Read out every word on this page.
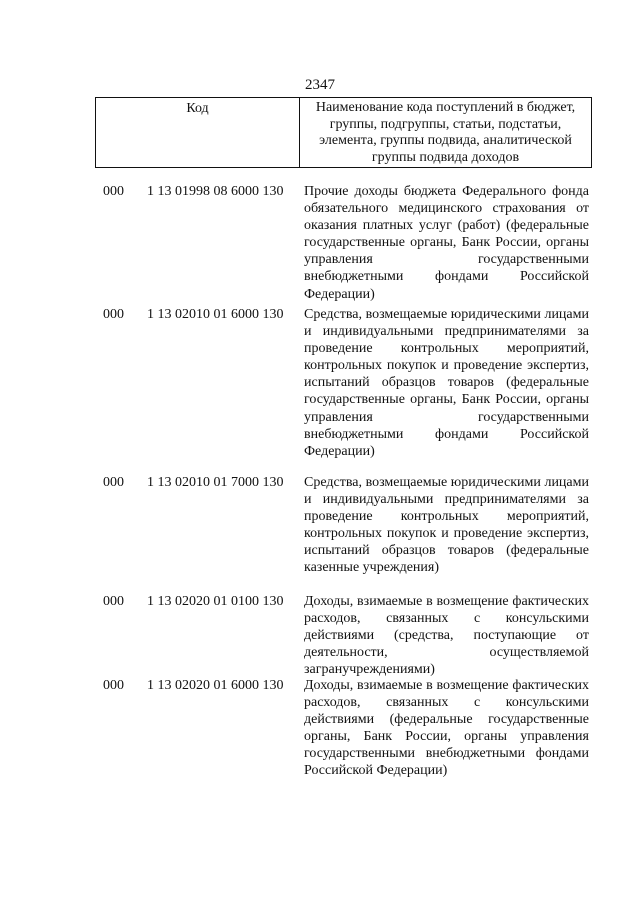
2347
Код	Наименование кода поступлений в бюджет, группы, подгруппы, статьи, подстатьи, элемента, группы подвида, аналитической группы подвида доходов
000 1 13 01998 08 6000 130 Прочие доходы бюджета Федерального фонда обязательного медицинского страхования от оказания платных услуг (работ) (федеральные государственные органы, Банк России, органы управления государственными внебюджетными фондами Российской Федерации)
000 1 13 02010 01 6000 130 Средства, возмещаемые юридическими лицами и индивидуальными предпринимателями за проведение контрольных мероприятий, контрольных покупок и проведение экспертиз, испытаний образцов товаров (федеральные государственные органы, Банк России, органы управления государственными внебюджетными фондами Российской Федерации)
000 1 13 02010 01 7000 130 Средства, возмещаемые юридическими лицами и индивидуальными предпринимателями за проведение контрольных мероприятий, контрольных покупок и проведение экспертиз, испытаний образцов товаров (федеральные казенные учреждения)
000 1 13 02020 01 0100 130 Доходы, взимаемые в возмещение фактических расходов, связанных с консульскими действиями (средства, поступающие от деятельности, осуществляемой загранучреждениями)
000 1 13 02020 01 6000 130 Доходы, взимаемые в возмещение фактических расходов, связанных с консульскими действиями (федеральные государственные органы, Банк России, органы управления государственными внебюджетными фондами Российской Федерации)
